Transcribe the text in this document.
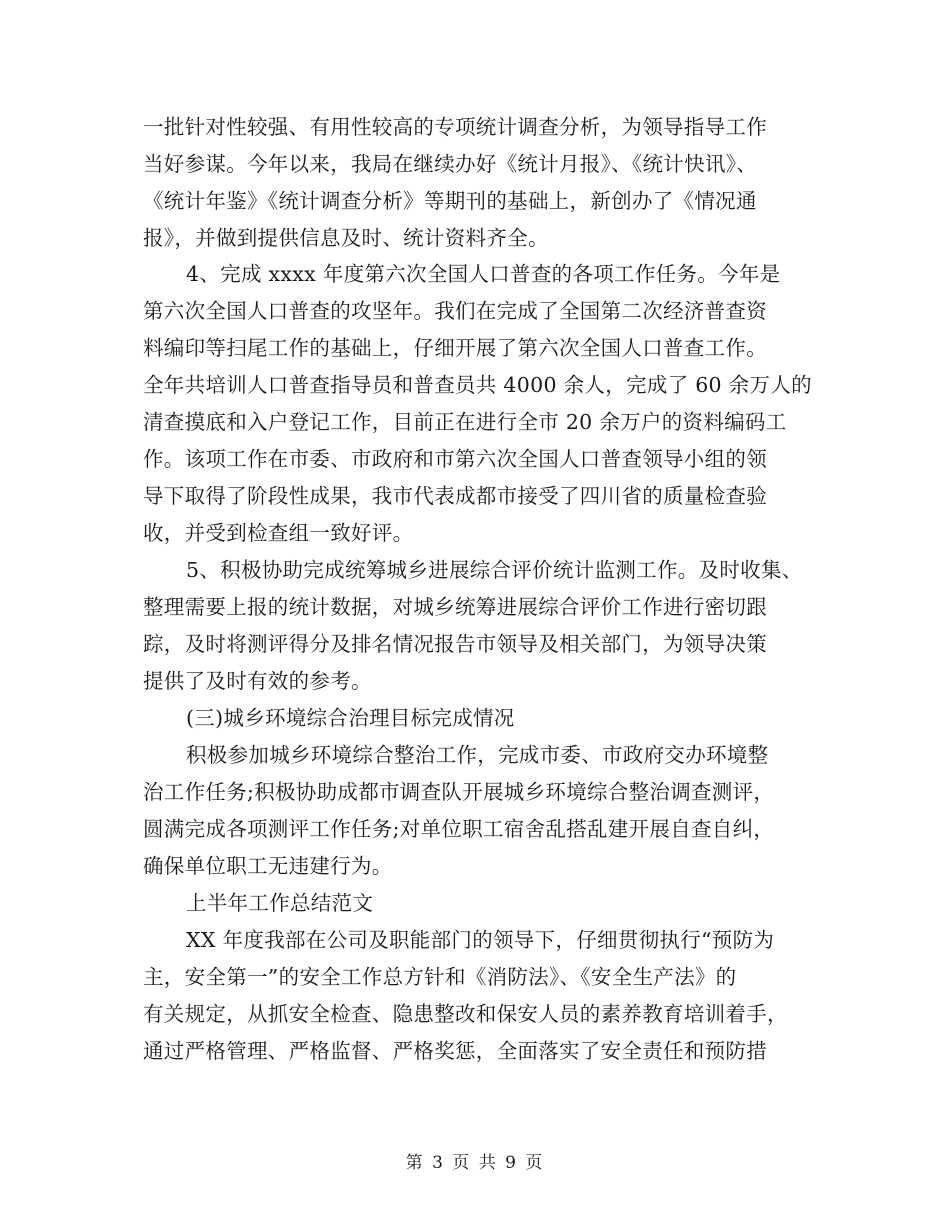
一批针对性较强、有用性较高的专项统计调查分析，为领导指导工作
当好参谋。今年以来，我局在继续办好《统计月报》、《统计快讯》、
《统计年鉴》《统计调查分析》等期刊的基础上，新创办了《情况通
报》，并做到提供信息及时、统计资料齐全。
4、完成 xxxx 年度第六次全国人口普查的各项工作任务。今年是
第六次全国人口普查的攻坚年。我们在完成了全国第二次经济普查资
料编印等扫尾工作的基础上，仔细开展了第六次全国人口普查工作。
全年共培训人口普查指导员和普查员共 4000 余人，完成了 60 余万人的
清查摸底和入户登记工作，目前正在进行全市 20 余万户的资料编码工
作。该项工作在市委、市政府和市第六次全国人口普查领导小组的领
导下取得了阶段性成果，我市代表成都市接受了四川省的质量检查验
收，并受到检查组一致好评。
5、积极协助完成统筹城乡进展综合评价统计监测工作。及时收集、
整理需要上报的统计数据，对城乡统筹进展综合评价工作进行密切跟
踪，及时将测评得分及排名情况报告市领导及相关部门，为领导决策
提供了及时有效的参考。
(三)城乡环境综合治理目标完成情况
积极参加城乡环境综合整治工作，完成市委、市政府交办环境整
治工作任务;积极协助成都市调查队开展城乡环境综合整治调查测评，
圆满完成各项测评工作任务;对单位职工宿舍乱搭乱建开展自查自纠，
确保单位职工无违建行为。
上半年工作总结范文
XX 年度我部在公司及职能部门的领导下，仔细贯彻执行“预防为
主，安全第一”的安全工作总方针和《消防法》、《安全生产法》的
有关规定，从抓安全检查、隐患整改和保安人员的素养教育培训着手，
通过严格管理、严格监督、严格奖惩，全面落实了安全责任和预防措
第 3 页 共 9 页
